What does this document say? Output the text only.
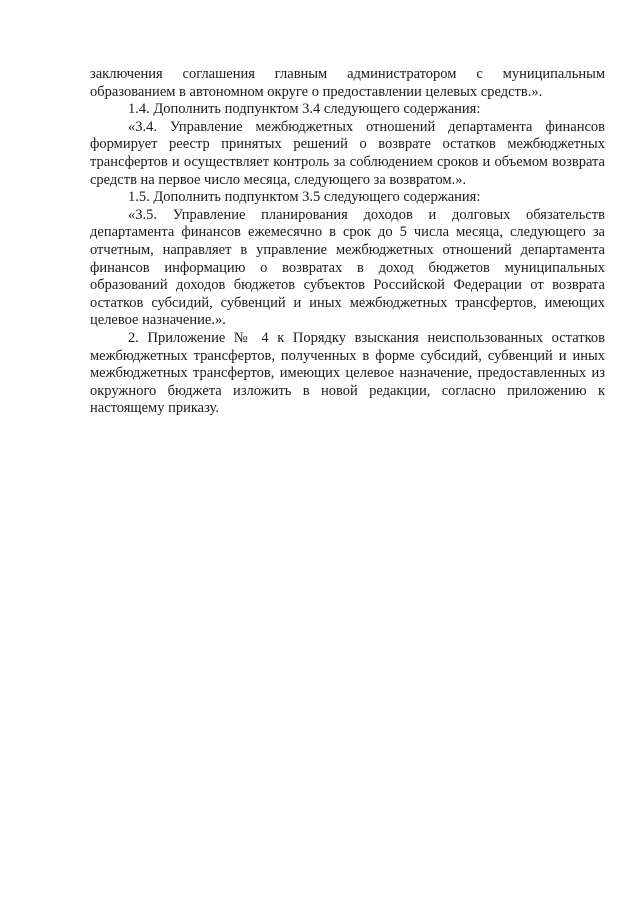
заключения соглашения главным администратором с муниципальным образованием в автономном округе о предоставлении целевых средств.».

1.4. Дополнить подпунктом 3.4 следующего содержания:

«3.4. Управление межбюджетных отношений департамента финансов формирует реестр принятых решений о возврате остатков межбюджетных трансфертов и осуществляет контроль за соблюдением сроков и объемом возврата средств на первое число месяца, следующего за возвратом.».

1.5. Дополнить подпунктом 3.5 следующего содержания:

«3.5. Управление планирования доходов и долговых обязательств департамента финансов ежемесячно в срок до 5 числа месяца, следующего за отчетным, направляет в управление межбюджетных отношений департамента финансов информацию о возвратах в доход бюджетов муниципальных образований доходов бюджетов субъектов Российской Федерации от возврата остатков субсидий, субвенций и иных межбюджетных трансфертов, имеющих целевое назначение.».

2. Приложение № 4 к Порядку взыскания неиспользованных остатков межбюджетных трансфертов, полученных в форме субсидий, субвенций и иных межбюджетных трансфертов, имеющих целевое назначение, предоставленных из окружного бюджета изложить в новой редакции, согласно приложению к настоящему приказу.
